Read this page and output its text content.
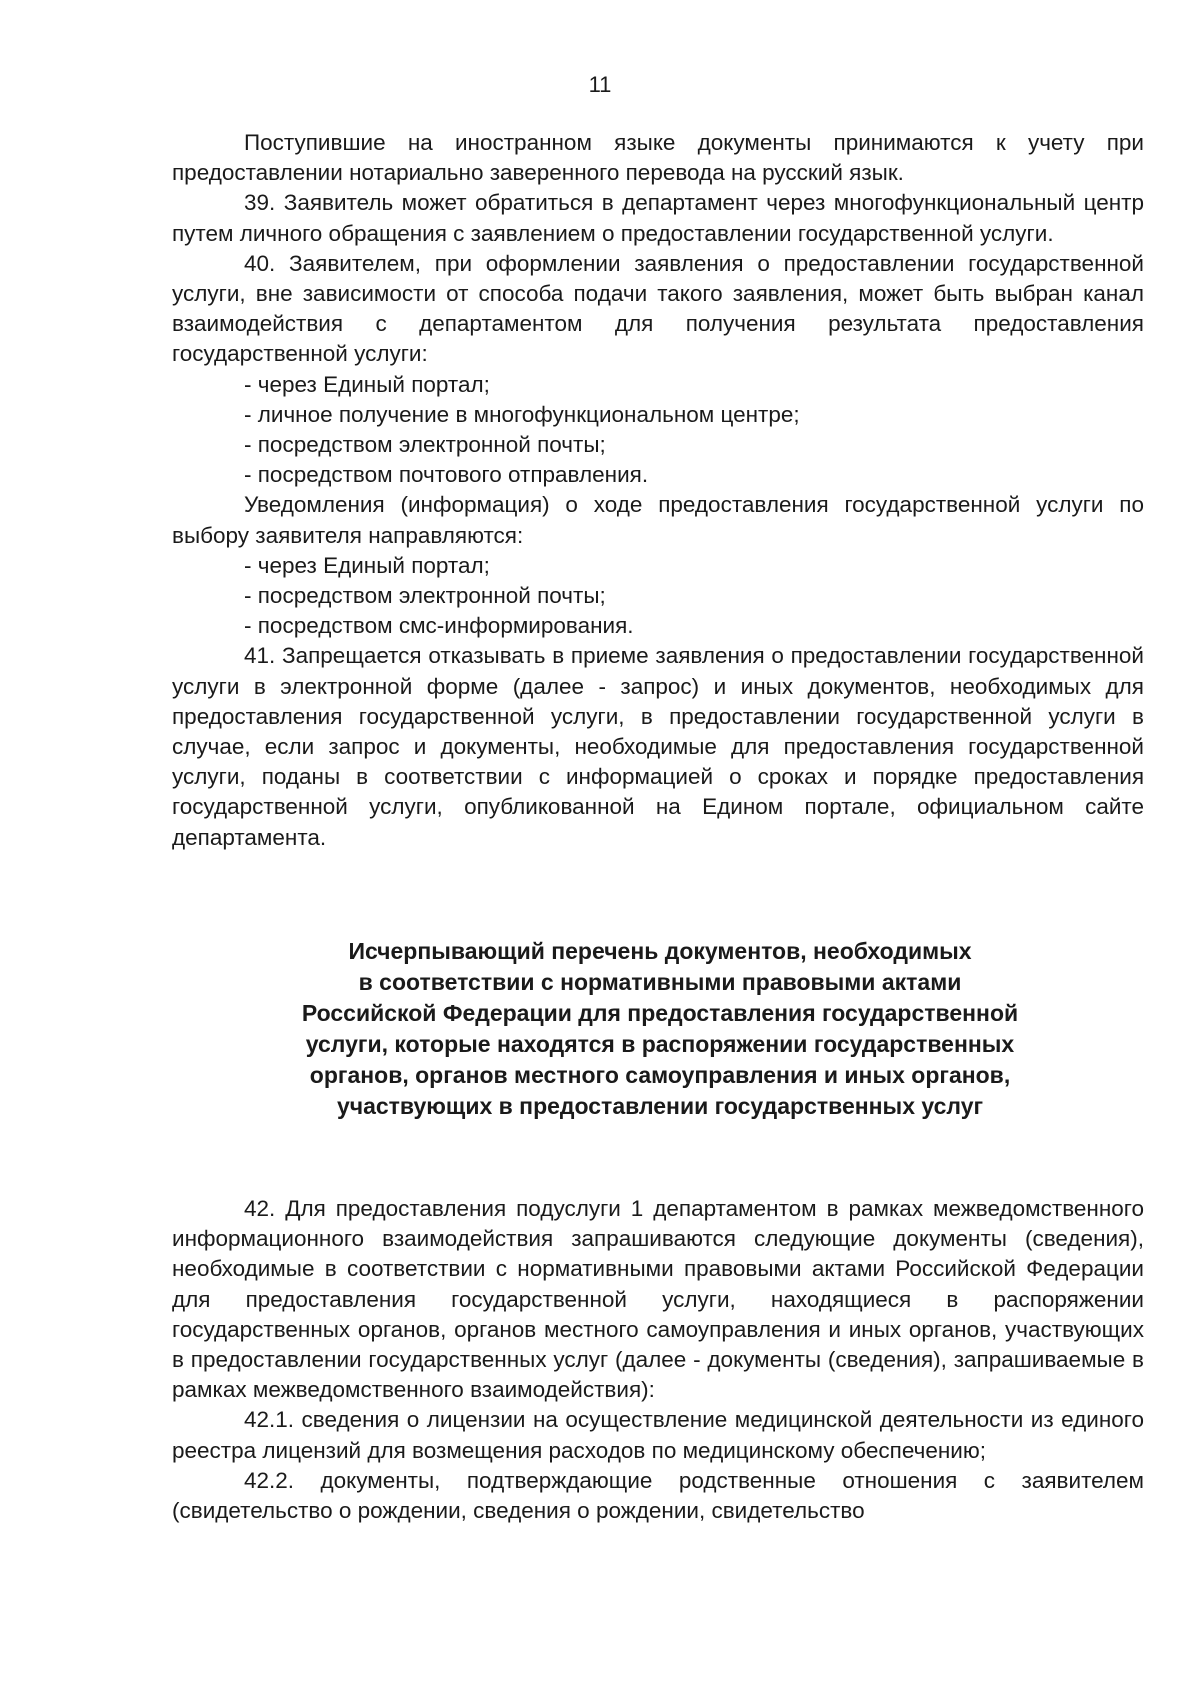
11

Поступившие на иностранном языке документы принимаются к учету при предоставлении нотариально заверенного перевода на русский язык.

39. Заявитель может обратиться в департамент через многофункциональный центр путем личного обращения с заявлением о предоставлении государственной услуги.

40. Заявителем, при оформлении заявления о предоставлении государственной услуги, вне зависимости от способа подачи такого заявления, может быть выбран канал взаимодействия с департаментом для получения результата предоставления государственной услуги:

- через Единый портал;

- личное получение в многофункциональном центре;

- посредством электронной почты;

- посредством почтового отправления.

Уведомления (информация) о ходе предоставления государственной услуги по выбору заявителя направляются:

- через Единый портал;

- посредством электронной почты;

- посредством смс-информирования.

41. Запрещается отказывать в приеме заявления о предоставлении государственной услуги в электронной форме (далее - запрос) и иных документов, необходимых для предоставления государственной услуги, в предоставлении государственной услуги в случае, если запрос и документы, необходимые для предоставления государственной услуги, поданы в соответствии с информацией о сроках и порядке предоставления государственной услуги, опубликованной на Едином портале, официальном сайте департамента.

Исчерпывающий перечень документов, необходимых
в соответствии с нормативными правовыми актами
Российской Федерации для предоставления государственной
услуги, которые находятся в распоряжении государственных
органов, органов местного самоуправления и иных органов,
участвующих в предоставлении государственных услуг

42. Для предоставления подуслуги 1 департаментом в рамках межведомственного информационного взаимодействия запрашиваются следующие документы (сведения), необходимые в соответствии с нормативными правовыми актами Российской Федерации для предоставления государственной услуги, находящиеся в распоряжении государственных органов, органов местного самоуправления и иных органов, участвующих в предоставлении государственных услуг (далее - документы (сведения), запрашиваемые в рамках межведомственного взаимодействия):

42.1. сведения о лицензии на осуществление медицинской деятельности из единого реестра лицензий для возмещения расходов по медицинскому обеспечению;

42.2. документы, подтверждающие родственные отношения с заявителем (свидетельство о рождении, сведения о рождении, свидетельство
